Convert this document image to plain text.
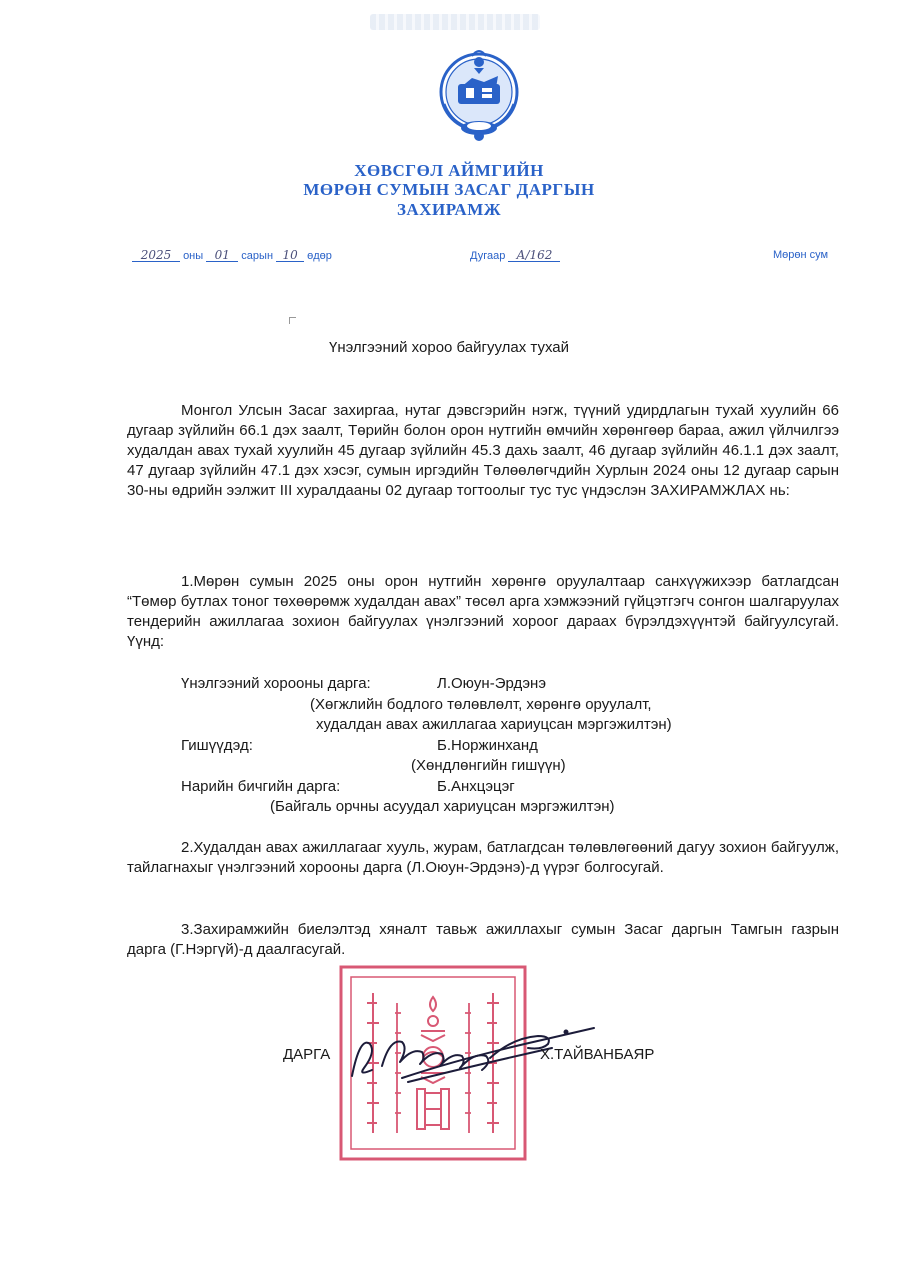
ХӨВСГӨЛ АЙМГИЙН
МӨРӨН СУМЫН ЗАСАГ ДАРГЫН
ЗАХИРАМЖ
2025 оны 01 сарын 10 өдөр	Дугаар А/162	Мөрөн сум
Үнэлгээний хороо байгуулах тухай

Монгол Улсын Засаг захиргаа, нутаг дэвсгэрийн нэгж, түүний удирдлагын тухай хуулийн 66 дугаар зүйлийн 66.1 дэх заалт, Төрийн болон орон нутгийн өмчийн хөрөнгөөр бараа, ажил үйлчилгээ худалдан авах тухай хуулийн 45 дугаар зүйлийн 45.3 дахь заалт, 46 дугаар зүйлийн 46.1.1 дэх заалт, 47 дугаар зүйлийн 47.1 дэх хэсэг, сумын иргэдийн Төлөөлөгчдийн Хурлын 2024 оны 12 дугаар сарын 30-ны өдрийн ээлжит III хуралдааны 02 дугаар тогтоолыг тус тус үндэслэн ЗАХИРАМЖЛАХ нь:

1.Мөрөн сумын 2025 оны орон нутгийн хөрөнгө оруулалтаар санхүүжихээр батлагдсан “Төмөр бутлах тоног төхөөрөмж худалдан авах” төсөл арга хэмжээний гүйцэтгэгч сонгон шалгаруулах тендерийн ажиллагаа зохион байгуулах үнэлгээний хороог дараах бүрэлдэхүүнтэй байгуулсугай. Үүнд:

Үнэлгээний хорооны дарга:	Л.Оюун-Эрдэнэ
(Хөгжлийн бодлого төлөвлөлт, хөрөнгө оруулалт,
худалдан авах ажиллагаа хариуцсан мэргэжилтэн)
Гишүүдэд:	Б.Норжинханд
(Хөндлөнгийн гишүүн)
Нарийн бичгийн дарга:	Б.Анхцэцэг
(Байгаль орчны асуудал хариуцсан мэргэжилтэн)

2.Худалдан авах ажиллагааг хууль, журам, батлагдсан төлөвлөгөөний дагуу зохион байгуулж, тайлагнахыг үнэлгээний хорооны дарга (Л.Оюун-Эрдэнэ)-д үүрэг болгосугай.

3.Захирамжийн биелэлтэд хяналт тавьж ажиллахыг сумын Засаг даргын Тамгын газрын дарга (Г.Нэргүй)-д даалгасугай.

ДАРГА	Х.ТАЙВАНБАЯР
